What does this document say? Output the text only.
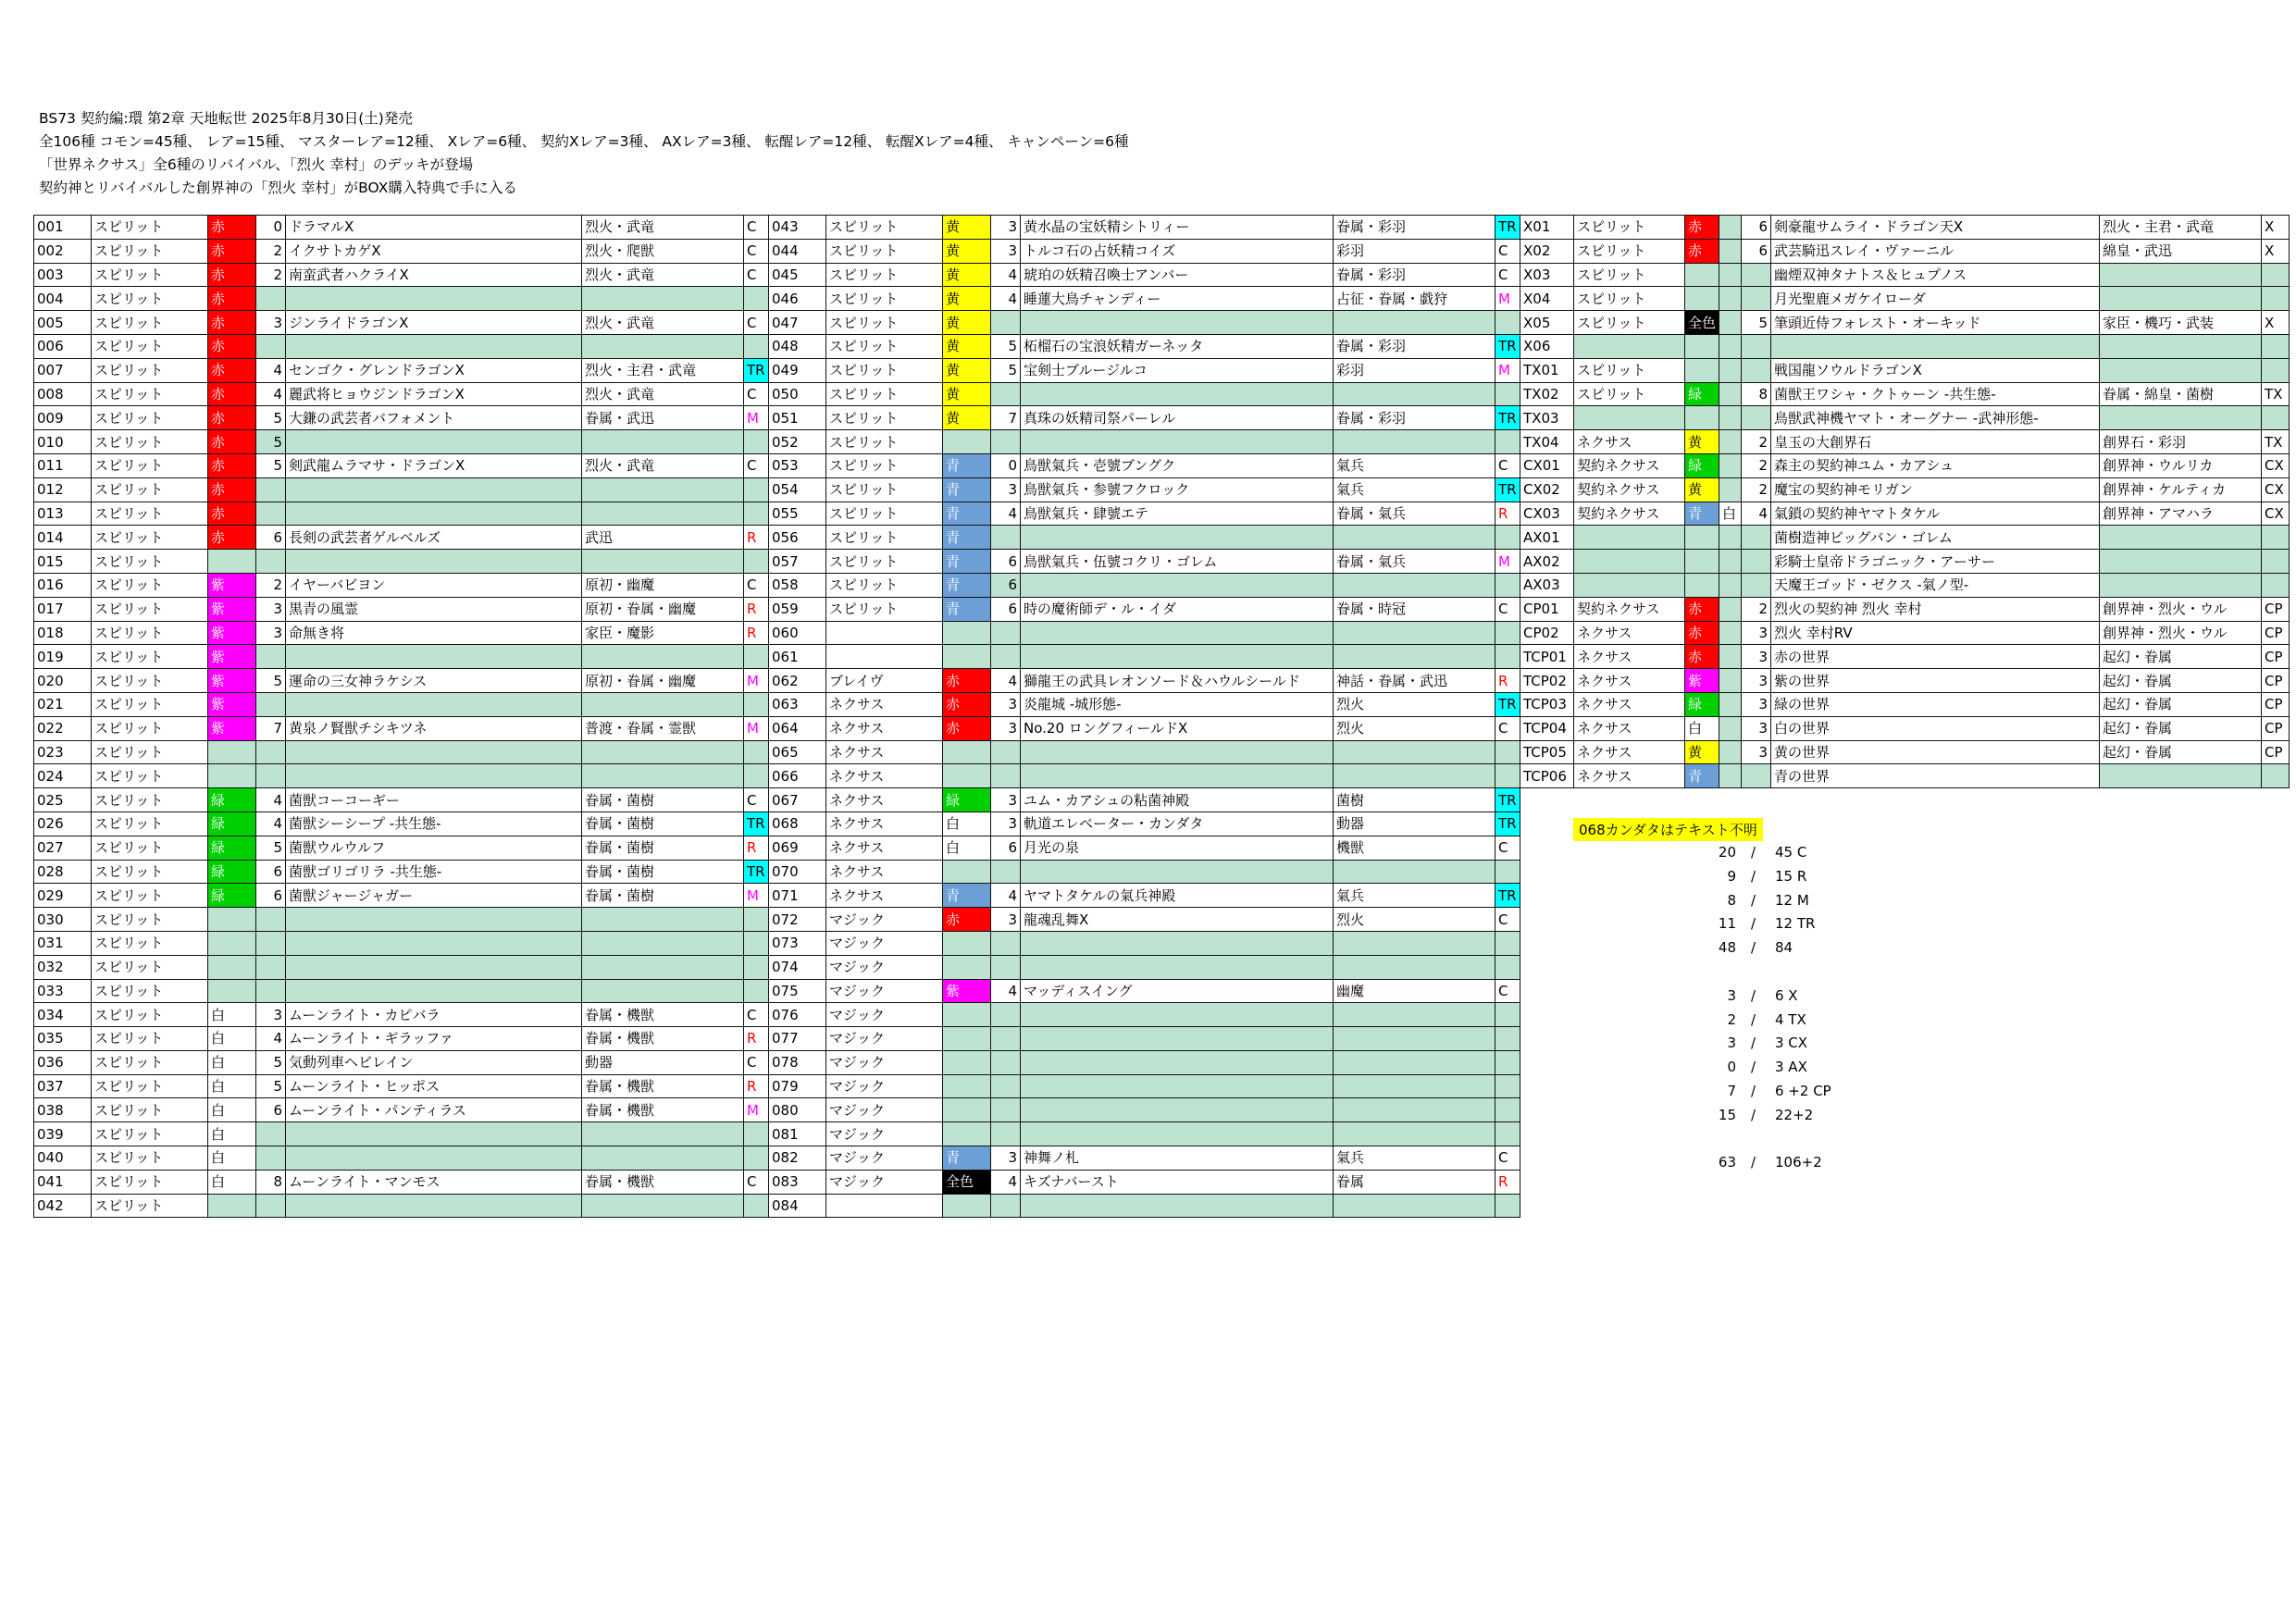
BS73 契約編:環 第2章 天地転世 2025年8月30日(土)発売
全106種 コモン=45種、 レア=15種、 マスターレア=12種、 Xレア=6種、 契約Xレア=3種、 AXレア=3種、 転醒レア=12種、 転醒Xレア=4種、 キャンペーン=6種
「世界ネクサス」全6種のリバイバル、「烈火 幸村」のデッキが登場
契約神とリバイバルした創界神の「烈火 幸村」がBOX購入特典で手に入る
001	スピリット	赤	0	ドラマルX	烈火・武竜	C
002	スピリット	赤	2	イクサトカゲX	烈火・爬獣	C
003	スピリット	赤	2	南蛮武者ハクライX	烈火・武竜	C
004	スピリット	赤				
005	スピリット	赤	3	ジンライドラゴンX	烈火・武竜	C
006	スピリット	赤				
007	スピリット	赤	4	センゴク・グレンドラゴンX	烈火・主君・武竜	TR
008	スピリット	赤	4	麗武将ヒョウジンドラゴンX	烈火・武竜	C
009	スピリット	赤	5	大鎌の武芸者バフォメント	眷属・武迅	M
010	スピリット	赤	5			
011	スピリット	赤	5	剣武龍ムラマサ・ドラゴンX	烈火・武竜	C
012	スピリット	赤				
013	スピリット	赤				
014	スピリット	赤	6	長剣の武芸者ゲルベルズ	武迅	R
015	スピリット					
016	スピリット	紫	2	イヤーバビヨン	原初・幽魔	C
017	スピリット	紫	3	黒青の風霊	原初・眷属・幽魔	R
018	スピリット	紫	3	命無き将	家臣・魔影	R
019	スピリット	紫				
020	スピリット	紫	5	運命の三女神ラケシス	原初・眷属・幽魔	M
021	スピリット	紫				
022	スピリット	紫	7	黄泉ノ賢獣チシキツネ	普渡・眷属・霊獣	M
023	スピリット					
024	スピリット					
025	スピリット	緑	4	菌獣コーコーギー	眷属・菌樹	C
026	スピリット	緑	4	菌獣シーシープ -共生態-	眷属・菌樹	TR
027	スピリット	緑	5	菌獣ウルウルフ	眷属・菌樹	R
028	スピリット	緑	6	菌獣ゴリゴリラ -共生態-	眷属・菌樹	TR
029	スピリット	緑	6	菌獣ジャージャガー	眷属・菌樹	M
030	スピリット					
031	スピリット					
032	スピリット					
033	スピリット					
034	スピリット	白	3	ムーンライト・カピバラ	眷属・機獣	C
035	スピリット	白	4	ムーンライト・ギラッファ	眷属・機獣	R
036	スピリット	白	5	気動列車ヘビレイン	動器	C
037	スピリット	白	5	ムーンライト・ヒッポス	眷属・機獣	R
038	スピリット	白	6	ムーンライト・パンティラス	眷属・機獣	M
039	スピリット	白				
040	スピリット	白				
041	スピリット	白	8	ムーンライト・マンモス	眷属・機獣	C
042	スピリット					
043	スピリット	黄	3	黄水晶の宝妖精シトリィー	眷属・彩羽	TR
044	スピリット	黄	3	トルコ石の占妖精コイズ	彩羽	C
045	スピリット	黄	4	琥珀の妖精召喚士アンバー	眷属・彩羽	C
046	スピリット	黄	4	睡蓮大鳥チャンディー	占征・眷属・戯狩	M
047	スピリット	黄				
048	スピリット	黄	5	柘榴石の宝浪妖精ガーネッタ	眷属・彩羽	TR
049	スピリット	黄	5	宝剣士ブルージルコ	彩羽	M
050	スピリット	黄				
051	スピリット	黄	7	真珠の妖精司祭パーレル	眷属・彩羽	TR
052	スピリット					
053	スピリット	青	0	鳥獣氣兵・壱號ブングク	氣兵	C
054	スピリット	青	3	鳥獣氣兵・参號フクロック	氣兵	TR
055	スピリット	青	4	鳥獣氣兵・肆號エテ	眷属・氣兵	R
056	スピリット	青				
057	スピリット	青	6	鳥獣氣兵・伍號コクリ・ゴレム	眷属・氣兵	M
058	スピリット	青	6			
059	スピリット	青	6	時の魔術師デ・ル・イダ	眷属・時冠	C
060						
061						
062	ブレイヴ	赤	4	獅龍王の武具レオンソード＆ハウルシールド	神話・眷属・武迅	R
063	ネクサス	赤	3	炎龍城 -城形態-	烈火	TR
064	ネクサス	赤	3	No.20 ロングフィールドX	烈火	C
065	ネクサス					
066	ネクサス					
067	ネクサス	緑	3	ユム・カアシュの粘菌神殿	菌樹	TR
068	ネクサス	白	3	軌道エレベーター・カンダタ	動器	TR
069	ネクサス	白	6	月光の泉	機獣	C
070	ネクサス					
071	ネクサス	青	4	ヤマトタケルの氣兵神殿	氣兵	TR
072	マジック	赤	3	龍魂乱舞X	烈火	C
073	マジック					
074	マジック					
075	マジック	紫	4	マッディスイング	幽魔	C
076	マジック					
077	マジック					
078	マジック					
079	マジック					
080	マジック					
081	マジック					
082	マジック	青	3	神舞ノ札	氣兵	C
083	マジック	全色	4	キズナバースト	眷属	R
084						
X01	スピリット	赤		6	剣豪龍サムライ・ドラゴン天X	烈火・主君・武竜	X
X02	スピリット	赤		6	武芸騎迅スレイ・ヴァーニル	綿皇・武迅	X
X03	スピリット				幽煙双神タナトス＆ヒュプノス		
X04	スピリット				月光聖鹿メガケイローダ		
X05	スピリット	全色		5	筆頭近侍フォレスト・オーキッド	家臣・機巧・武装	X
X06							
TX01	スピリット				戦国龍ソウルドラゴンX		
TX02	スピリット	緑		8	菌獣王ワシャ・クトゥーン -共生態-	眷属・綿皇・菌樹	TX
TX03					鳥獣武神機ヤマト・オーグナー -武神形態-		
TX04	ネクサス	黄		2	皇玉の大創界石	創界石・彩羽	TX
CX01	契約ネクサス	緑		2	森主の契約神ユム・カアシュ	創界神・ウルリカ	CX
CX02	契約ネクサス	黄		2	魔宝の契約神モリガン	創界神・ケルティカ	CX
CX03	契約ネクサス	青	白	4	氣鎖の契約神ヤマトタケル	創界神・アマハラ	CX
AX01					菌樹造神ビッグバン・ゴレム		
AX02					彩騎士皇帝ドラゴニック・アーサー		
AX03					天魔王ゴッド・ゼクス -氣ノ型-		
CP01	契約ネクサス	赤		2	烈火の契約神 烈火 幸村	創界神・烈火・ウル	CP
CP02	ネクサス	赤		3	烈火 幸村RV	創界神・烈火・ウル	CP
TCP01	ネクサス	赤		3	赤の世界	起幻・眷属	CP
TCP02	ネクサス	紫		3	紫の世界	起幻・眷属	CP
TCP03	ネクサス	緑		3	緑の世界	起幻・眷属	CP
TCP04	ネクサス	白		3	白の世界	起幻・眷属	CP
TCP05	ネクサス	黄		3	黄の世界	起幻・眷属	CP
TCP06	ネクサス	青			青の世界		
068カンダタはテキスト不明
20 / 45 C
9 / 15 R
8 / 12 M
11 / 12 TR
48 / 84
3 / 6 X
2 / 4 TX
3 / 3 CX
0 / 3 AX
7 / 6 +2 CP
15 / 22+2
63 / 106+2
